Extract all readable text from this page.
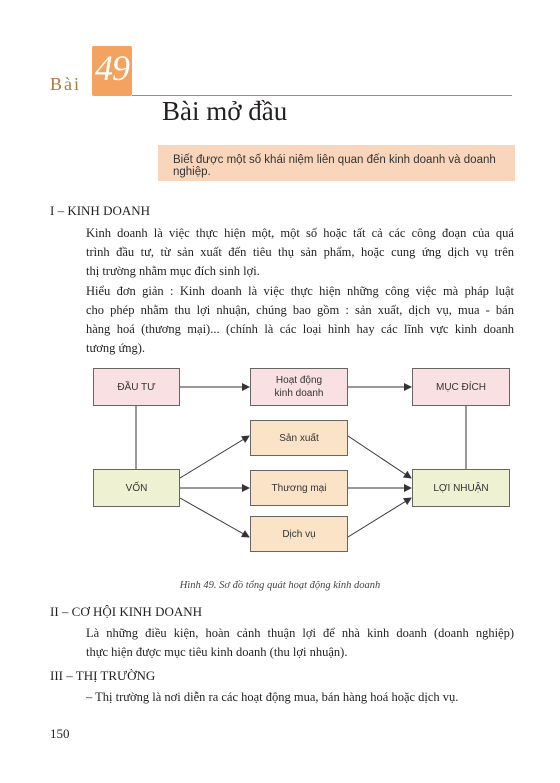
Bài 49
Bài mở đầu
Biết được một số khái niệm liên quan đến kinh doanh và doanh nghiệp.
I – KINH DOANH
Kinh doanh là việc thực hiện một, một số hoặc tất cả các công đoạn của quá
trình đầu tư, từ sản xuất đến tiêu thụ sản phẩm, hoặc cung ứng dịch vụ trên
thị trường nhằm mục đích sinh lợi.
Hiểu đơn giản : Kinh doanh là việc thực hiện những công việc mà pháp luật
cho phép nhằm thu lợi nhuận, chúng bao gồm : sản xuất, dịch vụ, mua - bán
hàng hoá (thương mại)... (chính là các loại hình hay các lĩnh vực kinh doanh
tương ứng).
ĐẦU TƯ
Hoạt động
kinh doanh
MỤC ĐÍCH
VỐN
Sản xuất
Thương mại
Dịch vụ
LỢI NHUẬN
Hình 49. Sơ đồ tổng quát hoạt động kinh doanh
II – CƠ HỘI KINH DOANH
Là những điều kiện, hoàn cảnh thuận lợi để nhà kinh doanh (doanh nghiệp)
thực hiện được mục tiêu kinh doanh (thu lợi nhuận).
III – THỊ TRƯỜNG
– Thị trường là nơi diễn ra các hoạt động mua, bán hàng hoá hoặc dịch vụ.
150
